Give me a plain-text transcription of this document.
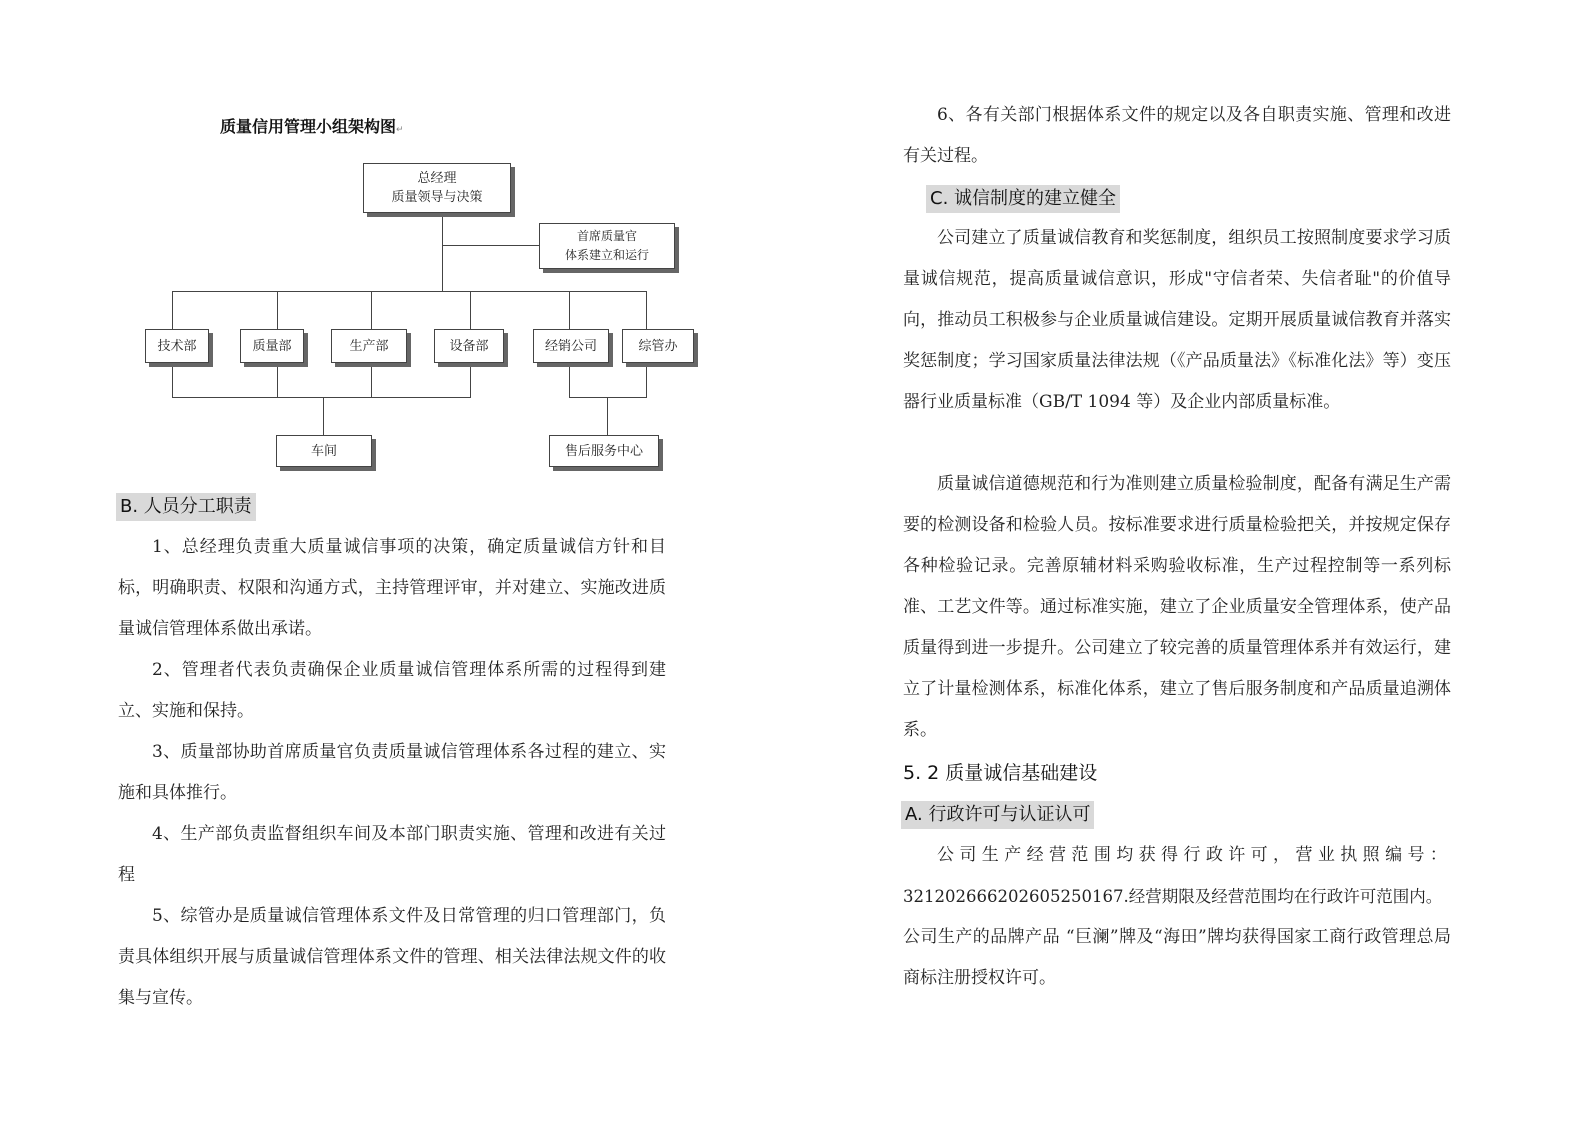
质量信用管理小组架构图↵
总经理
质量领导与决策
首席质量官
体系建立和运行
技术部	质量部	生产部	设备部	经销公司	综管办
车间	售后服务中心
B. 人员分工职责
1、总经理负责重大质量诚信事项的决策，确定质量诚信方针和目标，明确职责、权限和沟通方式，主持管理评审，并对建立、实施改进质量诚信管理体系做出承诺。
2、管理者代表负责确保企业质量诚信管理体系所需的过程得到建立、实施和保持。
3、质量部协助首席质量官负责质量诚信管理体系各过程的建立、实施和具体推行。
4、生产部负责监督组织车间及本部门职责实施、管理和改进有关过程
5、综管办是质量诚信管理体系文件及日常管理的归口管理部门，负责具体组织开展与质量诚信管理体系文件的管理、相关法律法规文件的收集与宣传。
6、各有关部门根据体系文件的规定以及各自职责实施、管理和改进有关过程。
C. 诚信制度的建立健全
公司建立了质量诚信教育和奖惩制度，组织员工按照制度要求学习质量诚信规范，提高质量诚信意识，形成"守信者荣、失信者耻"的价值导向，推动员工积极参与企业质量诚信建设。定期开展质量诚信教育并落实奖惩制度；学习国家质量法律法规（《产品质量法》《标准化法》等）变压器行业质量标准（GB/T 1094 等）及企业内部质量标准。
质量诚信道德规范和行为准则建立质量检验制度，配备有满足生产需要的检测设备和检验人员。按标准要求进行质量检验把关，并按规定保存各种检验记录。完善原辅材料采购验收标准，生产过程控制等一系列标准、工艺文件等。通过标准实施，建立了企业质量安全管理体系，使产品质量得到进一步提升。公司建立了较完善的质量管理体系并有效运行，建立了计量检测体系，标准化体系，建立了售后服务制度和产品质量追溯体系。
5. 2 质量诚信基础建设
A. 行政许可与认证认可
公 司 生 产 经 营 范 围 均 获 得 行 政 许 可 ， 营 业 执 照 编 号 ：
321202666202605250167.经营期限及经营范围均在行政许可范围内。
公司生产的品牌产品 “巨澜”牌及“海田”牌均获得国家工商行政管理总局商标注册授权许可。
